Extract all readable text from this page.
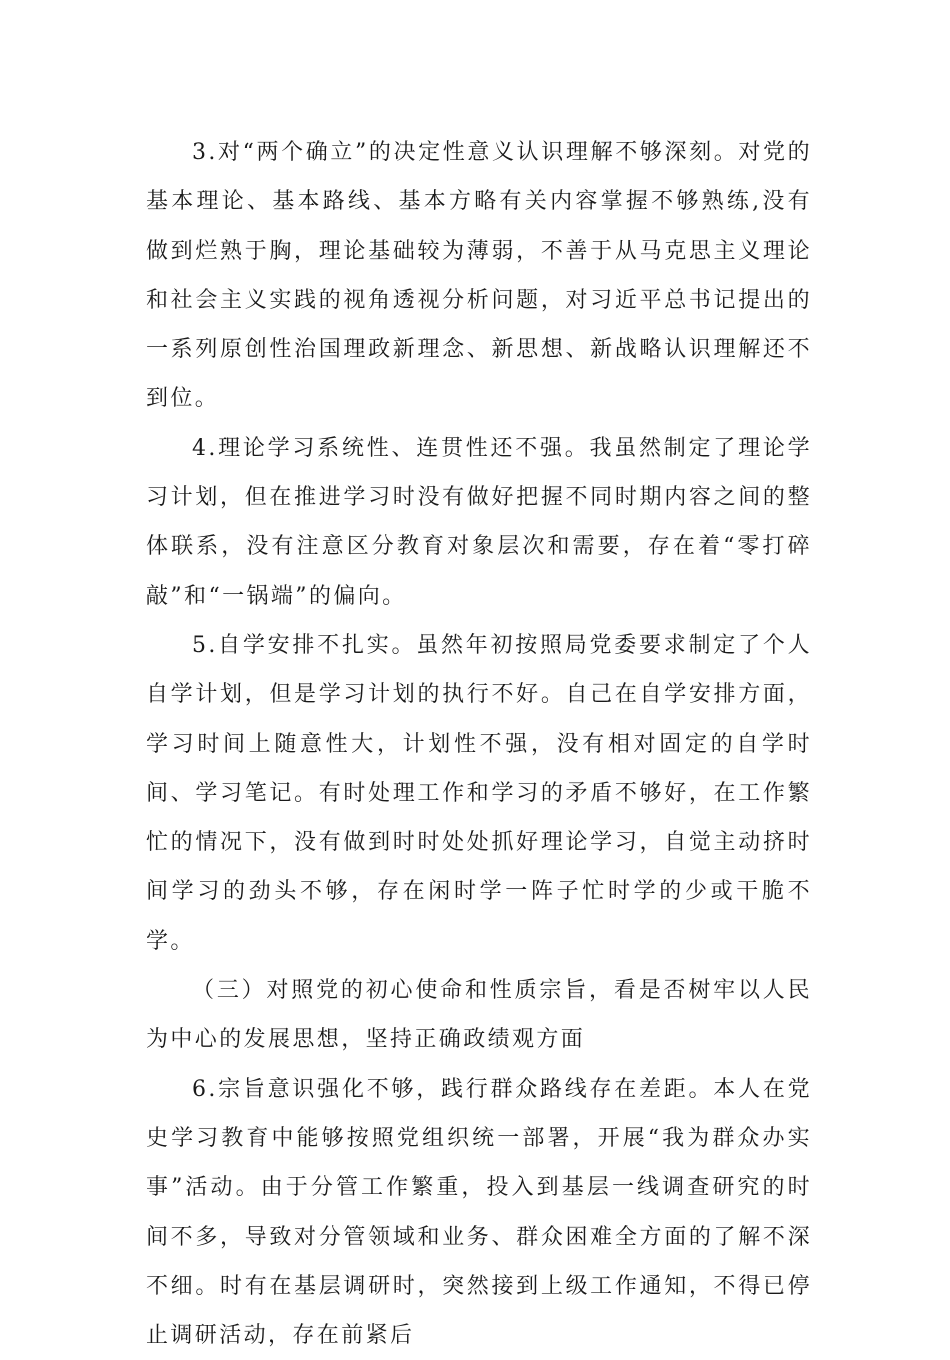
3.对“两个确立”的决定性意义认识理解不够深刻。对党的基本理论、基本路线、基本方略有关内容掌握不够熟练,没有做到烂熟于胸，理论基础较为薄弱，不善于从马克思主义理论和社会主义实践的视角透视分析问题，对习近平总书记提出的一系列原创性治国理政新理念、新思想、新战略认识理解还不到位。

4.理论学习系统性、连贯性还不强。我虽然制定了理论学习计划，但在推进学习时没有做好把握不同时期内容之间的整体联系，没有注意区分教育对象层次和需要，存在着“零打碎敲”和“一锅端”的偏向。

5.自学安排不扎实。虽然年初按照局党委要求制定了个人自学计划，但是学习计划的执行不好。自己在自学安排方面，学习时间上随意性大，计划性不强，没有相对固定的自学时间、学习笔记。有时处理工作和学习的矛盾不够好，在工作繁忙的情况下，没有做到时时处处抓好理论学习，自觉主动挤时间学习的劲头不够，存在闲时学一阵子忙时学的少或干脆不学。

（三）对照党的初心使命和性质宗旨，看是否树牢以人民为中心的发展思想，坚持正确政绩观方面

6.宗旨意识强化不够，践行群众路线存在差距。本人在党史学习教育中能够按照党组织统一部署，开展“我为群众办实事”活动。由于分管工作繁重，投入到基层一线调查研究的时间不多，导致对分管领域和业务、群众困难全方面的了解不深不细。时有在基层调研时，突然接到上级工作通知，不得已停止调研活动，存在前紧后
